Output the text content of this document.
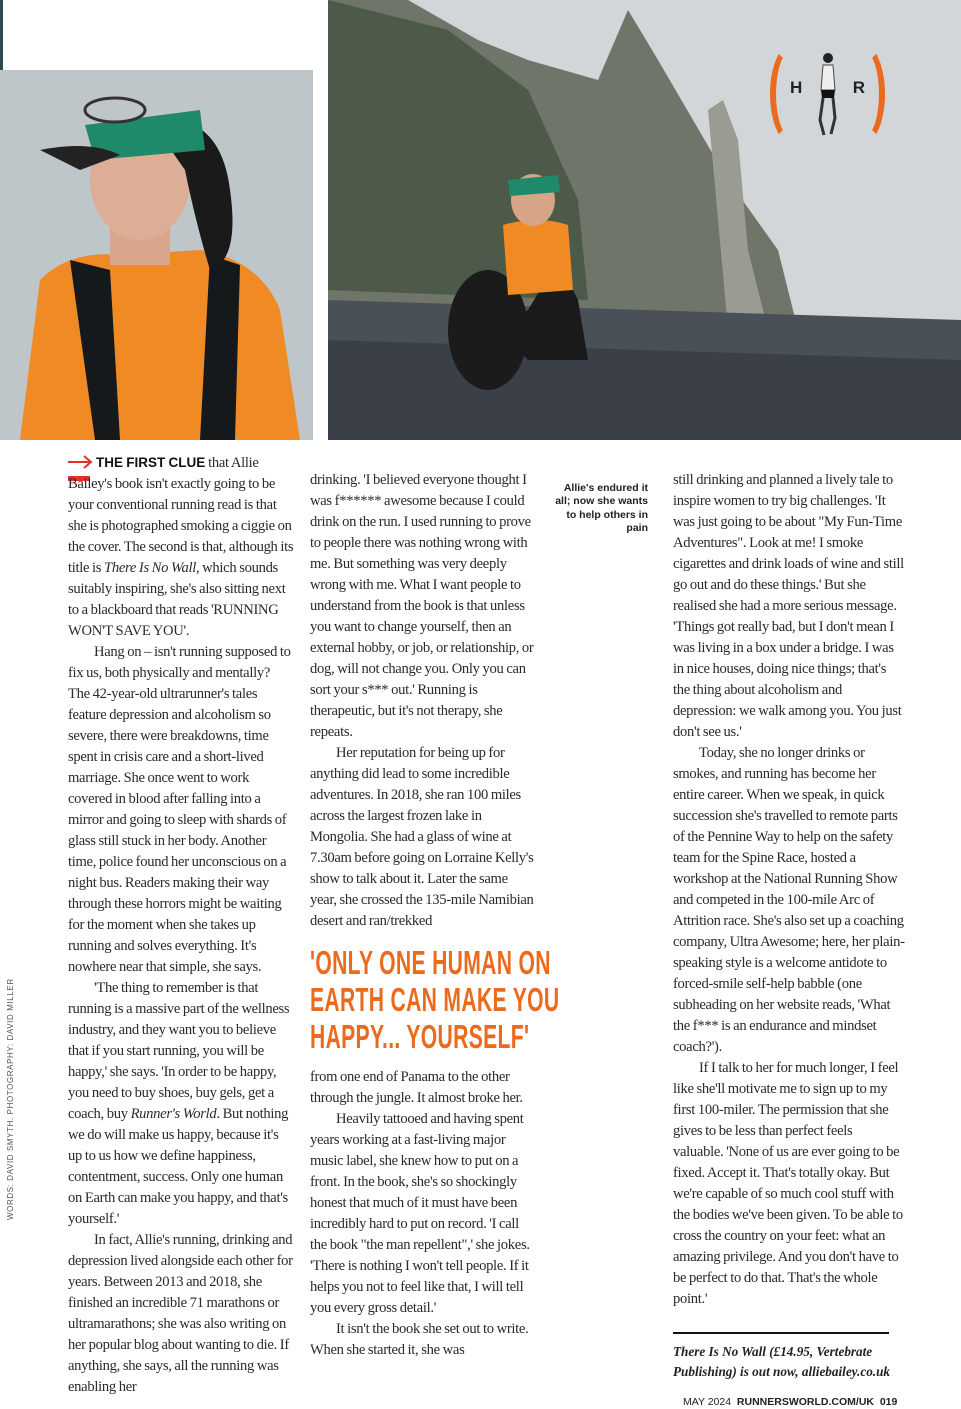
H	R
WORDS: DAVID SMYTH. PHOTOGRAPHY: DAVID MILLER

THE FIRST CLUE that Allie Bailey's book isn't exactly going to be your conventional running read is that she is photographed smoking a ciggie on the cover. The second is that, although its title is There Is No Wall, which sounds suitably inspiring, she's also sitting next to a blackboard that reads 'RUNNING WON'T SAVE YOU'.

Hang on – isn't running supposed to fix us, both physically and mentally? The 42-year-old ultrarunner's tales feature depression and alcoholism so severe, there were breakdowns, time spent in crisis care and a short-lived marriage. She once went to work covered in blood after falling into a mirror and going to sleep with shards of glass still stuck in her body. Another time, police found her unconscious on a night bus. Readers making their way through these horrors might be waiting for the moment when she takes up running and solves everything. It's nowhere near that simple, she says.

'The thing to remember is that running is a massive part of the wellness industry, and they want you to believe that if you start running, you will be happy,' she says. 'In order to be happy, you need to buy shoes, buy gels, get a coach, buy Runner's World. But nothing we do will make us happy, because it's up to us how we define happiness, contentment, success. Only one human on Earth can make you happy, and that's yourself.'

In fact, Allie's running, drinking and depression lived alongside each other for years. Between 2013 and 2018, she finished an incredible 71 marathons or ultramarathons; she was also writing on her popular blog about wanting to die. If anything, she says, all the running was enabling her

drinking. 'I believed everyone thought I was f****** awesome because I could drink on the run. I used running to prove to people there was nothing wrong with me. But something was very deeply wrong with me. What I want people to understand from the book is that unless you want to change yourself, then an external hobby, or job, or relationship, or dog, will not change you. Only you can sort your s*** out.' Running is therapeutic, but it's not therapy, she repeats.

Her reputation for being up for anything did lead to some incredible adventures. In 2018, she ran 100 miles across the largest frozen lake in Mongolia. She had a glass of wine at 7.30am before going on Lorraine Kelly's show to talk about it. Later the same year, she crossed the 135-mile Namibian desert and ran/trekked

'ONLY ONE HUMAN ON
EARTH CAN MAKE YOU
HAPPY... YOURSELF'

from one end of Panama to the other through the jungle. It almost broke her.

Heavily tattooed and having spent years working at a fast-living major music label, she knew how to put on a front. In the book, she's so shockingly honest that much of it must have been incredibly hard to put on record. 'I call the book "the man repellent",' she jokes. 'There is nothing I won't tell people. If it helps you not to feel like that, I will tell you every gross detail.'

It isn't the book she set out to write. When she started it, she was

Allie's endured it all; now she wants to help others in pain

still drinking and planned a lively tale to inspire women to try big challenges. 'It was just going to be about "My Fun-Time Adventures". Look at me! I smoke cigarettes and drink loads of wine and still go out and do these things.' But she realised she had a more serious message. 'Things got really bad, but I don't mean I was living in a box under a bridge. I was in nice houses, doing nice things; that's the thing about alcoholism and depression: we walk among you. You just don't see us.'

Today, she no longer drinks or smokes, and running has become her entire career. When we speak, in quick succession she's travelled to remote parts of the Pennine Way to help on the safety team for the Spine Race, hosted a workshop at the National Running Show and competed in the 100-mile Arc of Attrition race. She's also set up a coaching company, Ultra Awesome; here, her plain-speaking style is a welcome antidote to forced-smile self-help babble (one subheading on her website reads, 'What the f*** is an endurance and mindset coach?').

If I talk to her for much longer, I feel like she'll motivate me to sign up to my first 100-miler. The permission that she gives to be less than perfect feels valuable. 'None of us are ever going to be fixed. Accept it. That's totally okay. But we're capable of so much cool stuff with the bodies we've been given. To be able to cross the country on your feet: what an amazing privilege. And you don't have to be perfect to do that. That's the whole point.'

There Is No Wall (£14.95, Vertebrate Publishing) is out now, alliebailey.co.uk
MAY 2024 RUNNERSWORLD.COM/UK 019
